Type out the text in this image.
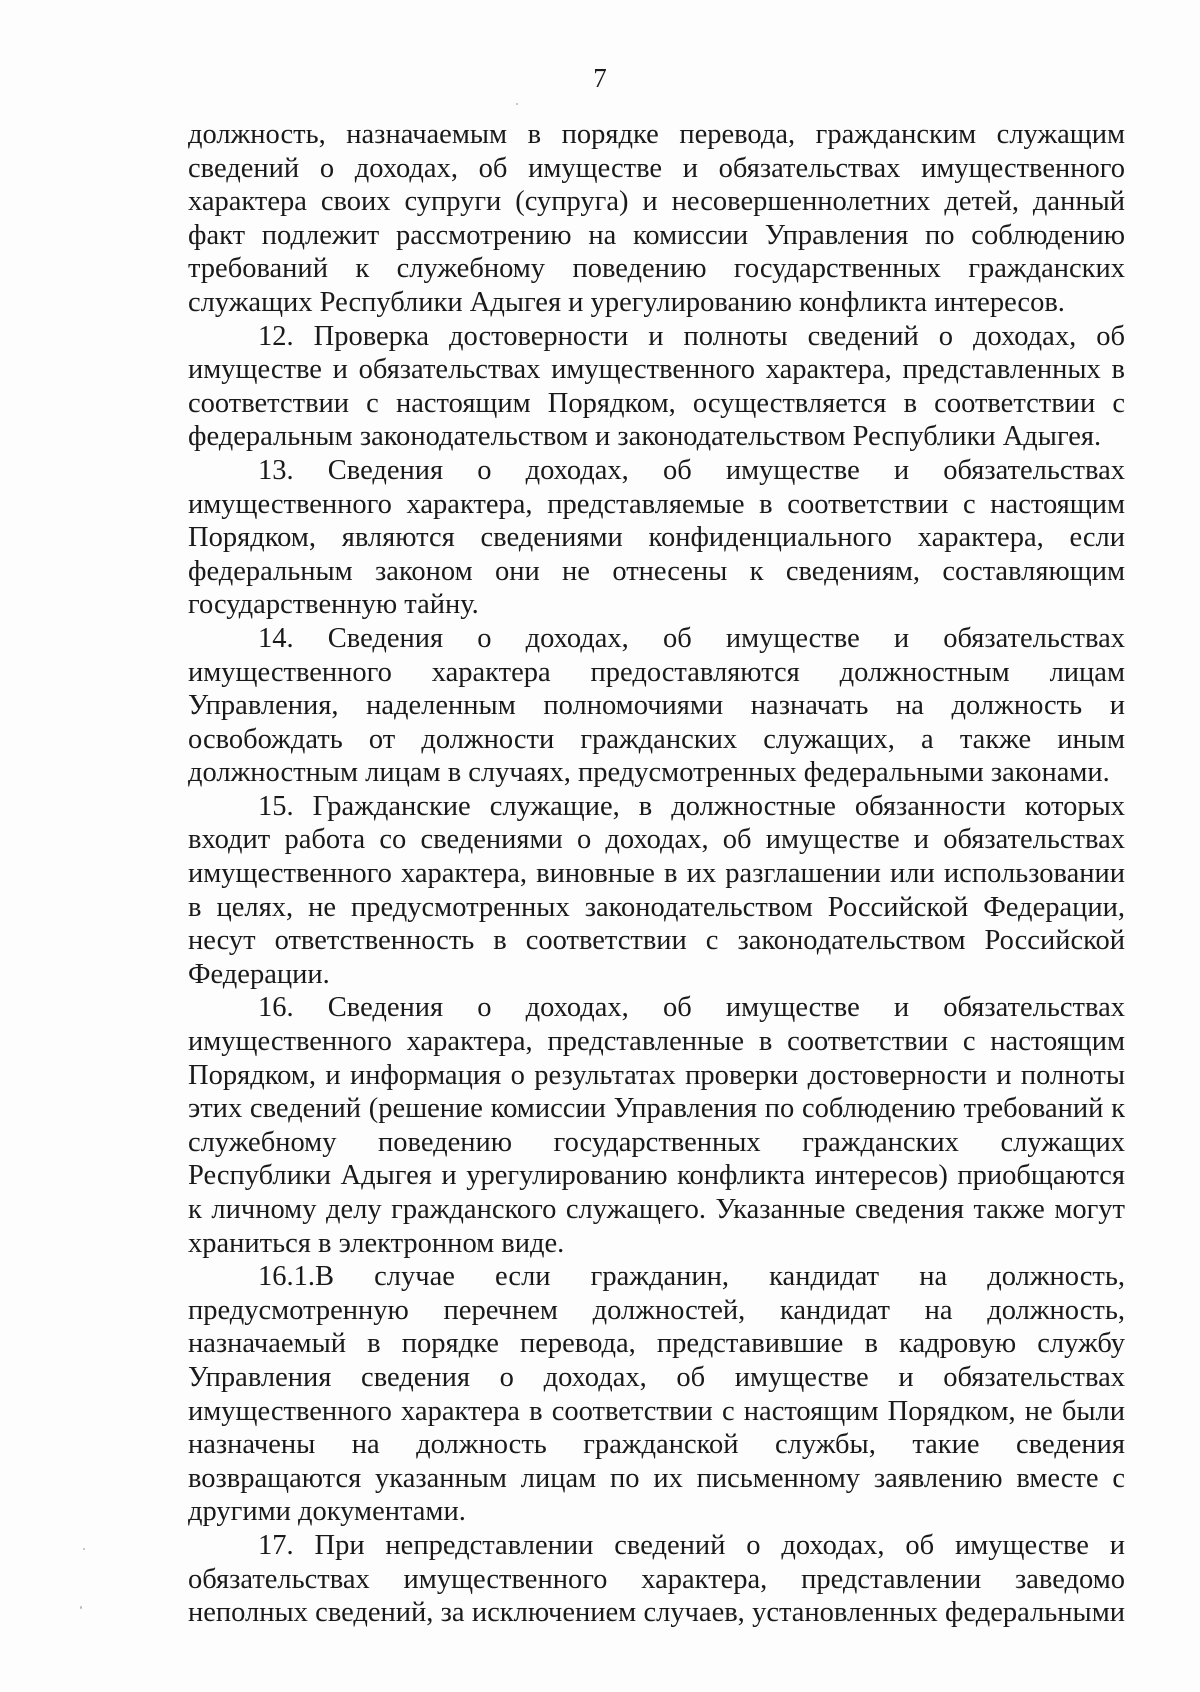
7

должность, назначаемым в порядке перевода, гражданским служащим сведений о доходах, об имуществе и обязательствах имущественного характера своих супруги (супруга) и несовершеннолетних детей, данный факт подлежит рассмотрению на комиссии Управления по соблюдению требований к служебному поведению государственных гражданских служащих Республики Адыгея и урегулированию конфликта интересов.

12. Проверка достоверности и полноты сведений о доходах, об имуществе и обязательствах имущественного характера, представленных в соответствии с настоящим Порядком, осуществляется в соответствии с федеральным законодательством и законодательством Республики Адыгея.

13. Сведения о доходах, об имуществе и обязательствах имущественного характера, представляемые в соответствии с настоящим Порядком, являются сведениями конфиденциального характера, если федеральным законом они не отнесены к сведениям, составляющим государственную тайну.

14. Сведения о доходах, об имуществе и обязательствах имущественного характера предоставляются должностным лицам Управления, наделенным полномочиями назначать на должность и освобождать от должности гражданских служащих, а также иным должностным лицам в случаях, предусмотренных федеральными законами.

15. Гражданские служащие, в должностные обязанности которых входит работа со сведениями о доходах, об имуществе и обязательствах имущественного характера, виновные в их разглашении или использовании в целях, не предусмотренных законодательством Российской Федерации, несут ответственность в соответствии с законодательством Российской Федерации.

16. Сведения о доходах, об имуществе и обязательствах имущественного характера, представленные в соответствии с настоящим Порядком, и информация о результатах проверки достоверности и полноты этих сведений (решение комиссии Управления по соблюдению требований к служебному поведению государственных гражданских служащих Республики Адыгея и урегулированию конфликта интересов) приобщаются к личному делу гражданского служащего. Указанные сведения также могут храниться в электронном виде.

16.1.В случае если гражданин, кандидат на должность, предусмотренную перечнем должностей, кандидат на должность, назначаемый в порядке перевода, представившие в кадровую службу Управления сведения о доходах, об имуществе и обязательствах имущественного характера в соответствии с настоящим Порядком, не были назначены на должность гражданской службы, такие сведения возвращаются указанным лицам по их письменному заявлению вместе с другими документами.

17. При непредставлении сведений о доходах, об имуществе и обязательствах имущественного характера, представлении заведомо неполных сведений, за исключением случаев, установленных федеральными
